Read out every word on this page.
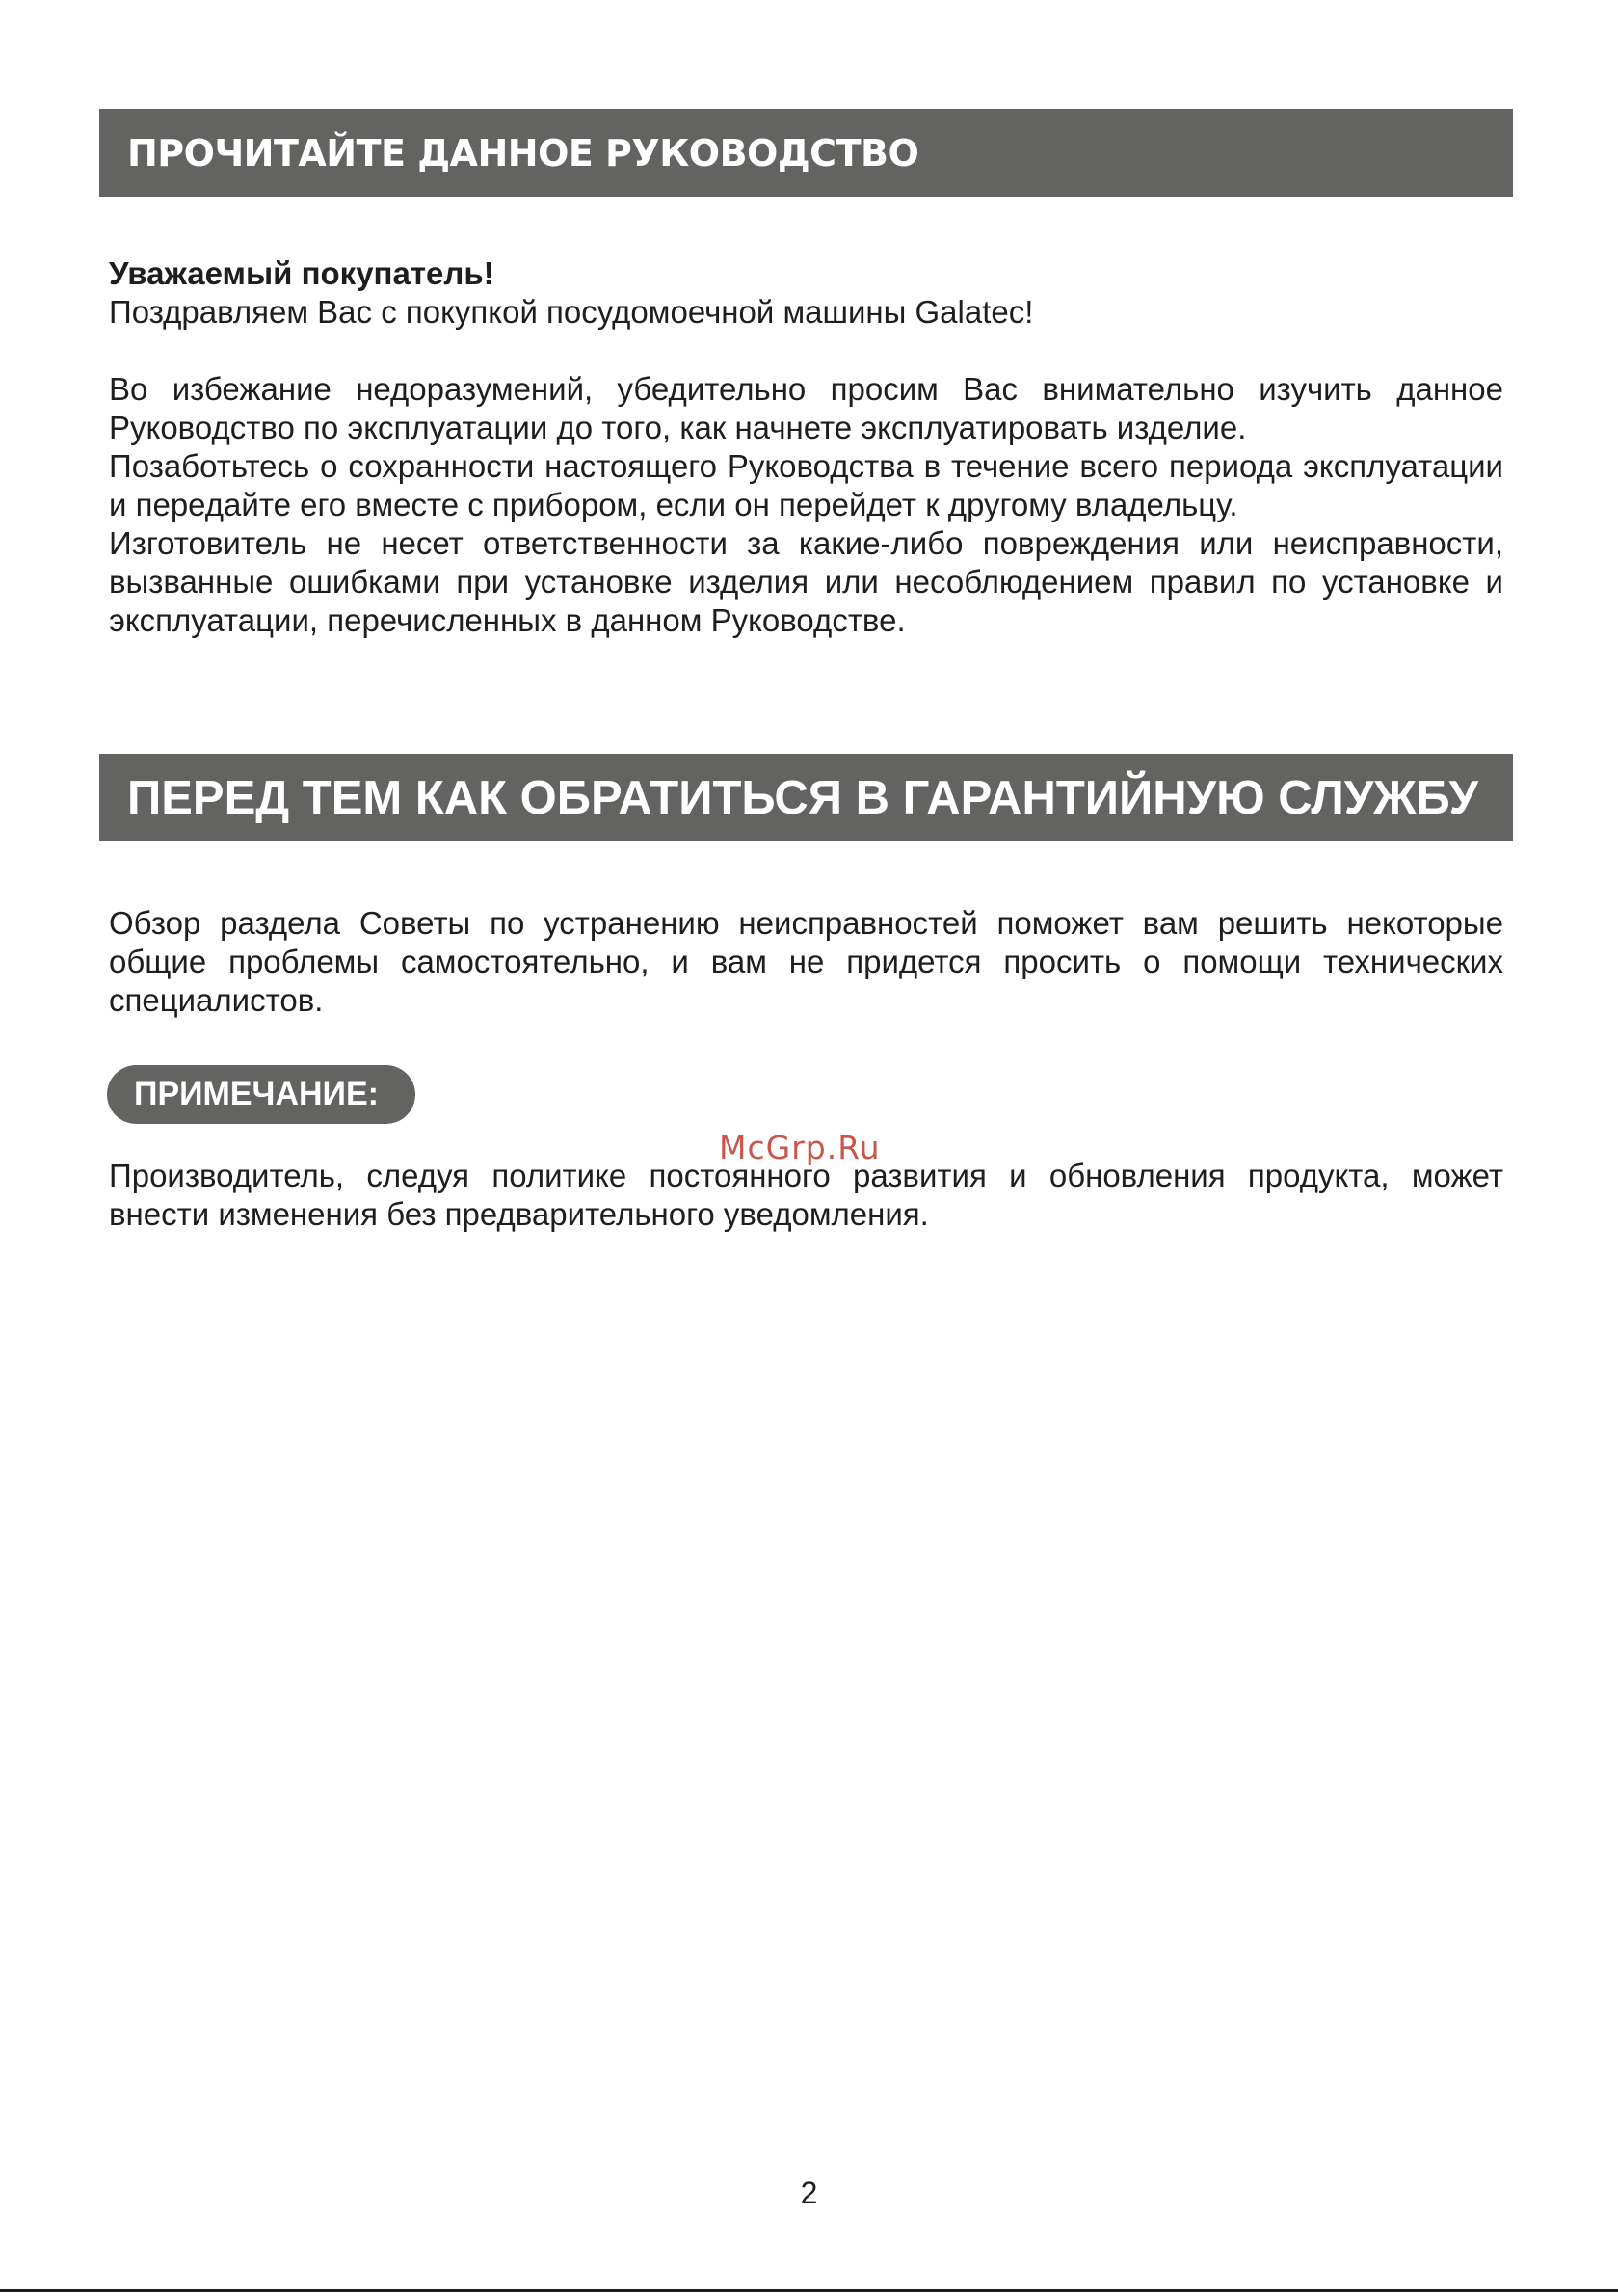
ПРОЧИТАЙТЕ ДАННОЕ РУКОВОДСТВО

Уважаемый покупатель!

Поздравляем Вас с покупкой посудомоечной машины Galatec!

Во избежание недоразумений, убедительно просим Вас внимательно изучить данное Руководство по эксплуатации до того, как начнете эксплуатировать изделие.

Позаботьтесь о сохранности настоящего Руководства в течение всего периода эксплуатации и передайте его вместе с прибором, если он перейдет к другому владельцу.

Изготовитель не несет ответственности за какие-либо повреждения или неисправности, вызванные ошибками при установке изделия или несоблюдением правил по установке и эксплуатации, перечисленных в данном Руководстве.

ПЕРЕД ТЕМ КАК ОБРАТИТЬСЯ В ГАРАНТИЙНУЮ СЛУЖБУ

Обзор раздела Советы по устранению неисправностей поможет вам решить некоторые общие проблемы самостоятельно, и вам не придется просить о помощи технических специалистов.

ПРИМЕЧАНИЕ:
McGrp.Ru

Производитель, следуя политике постоянного развития и обновления продукта, может внести изменения без предварительного уведомления.

2
